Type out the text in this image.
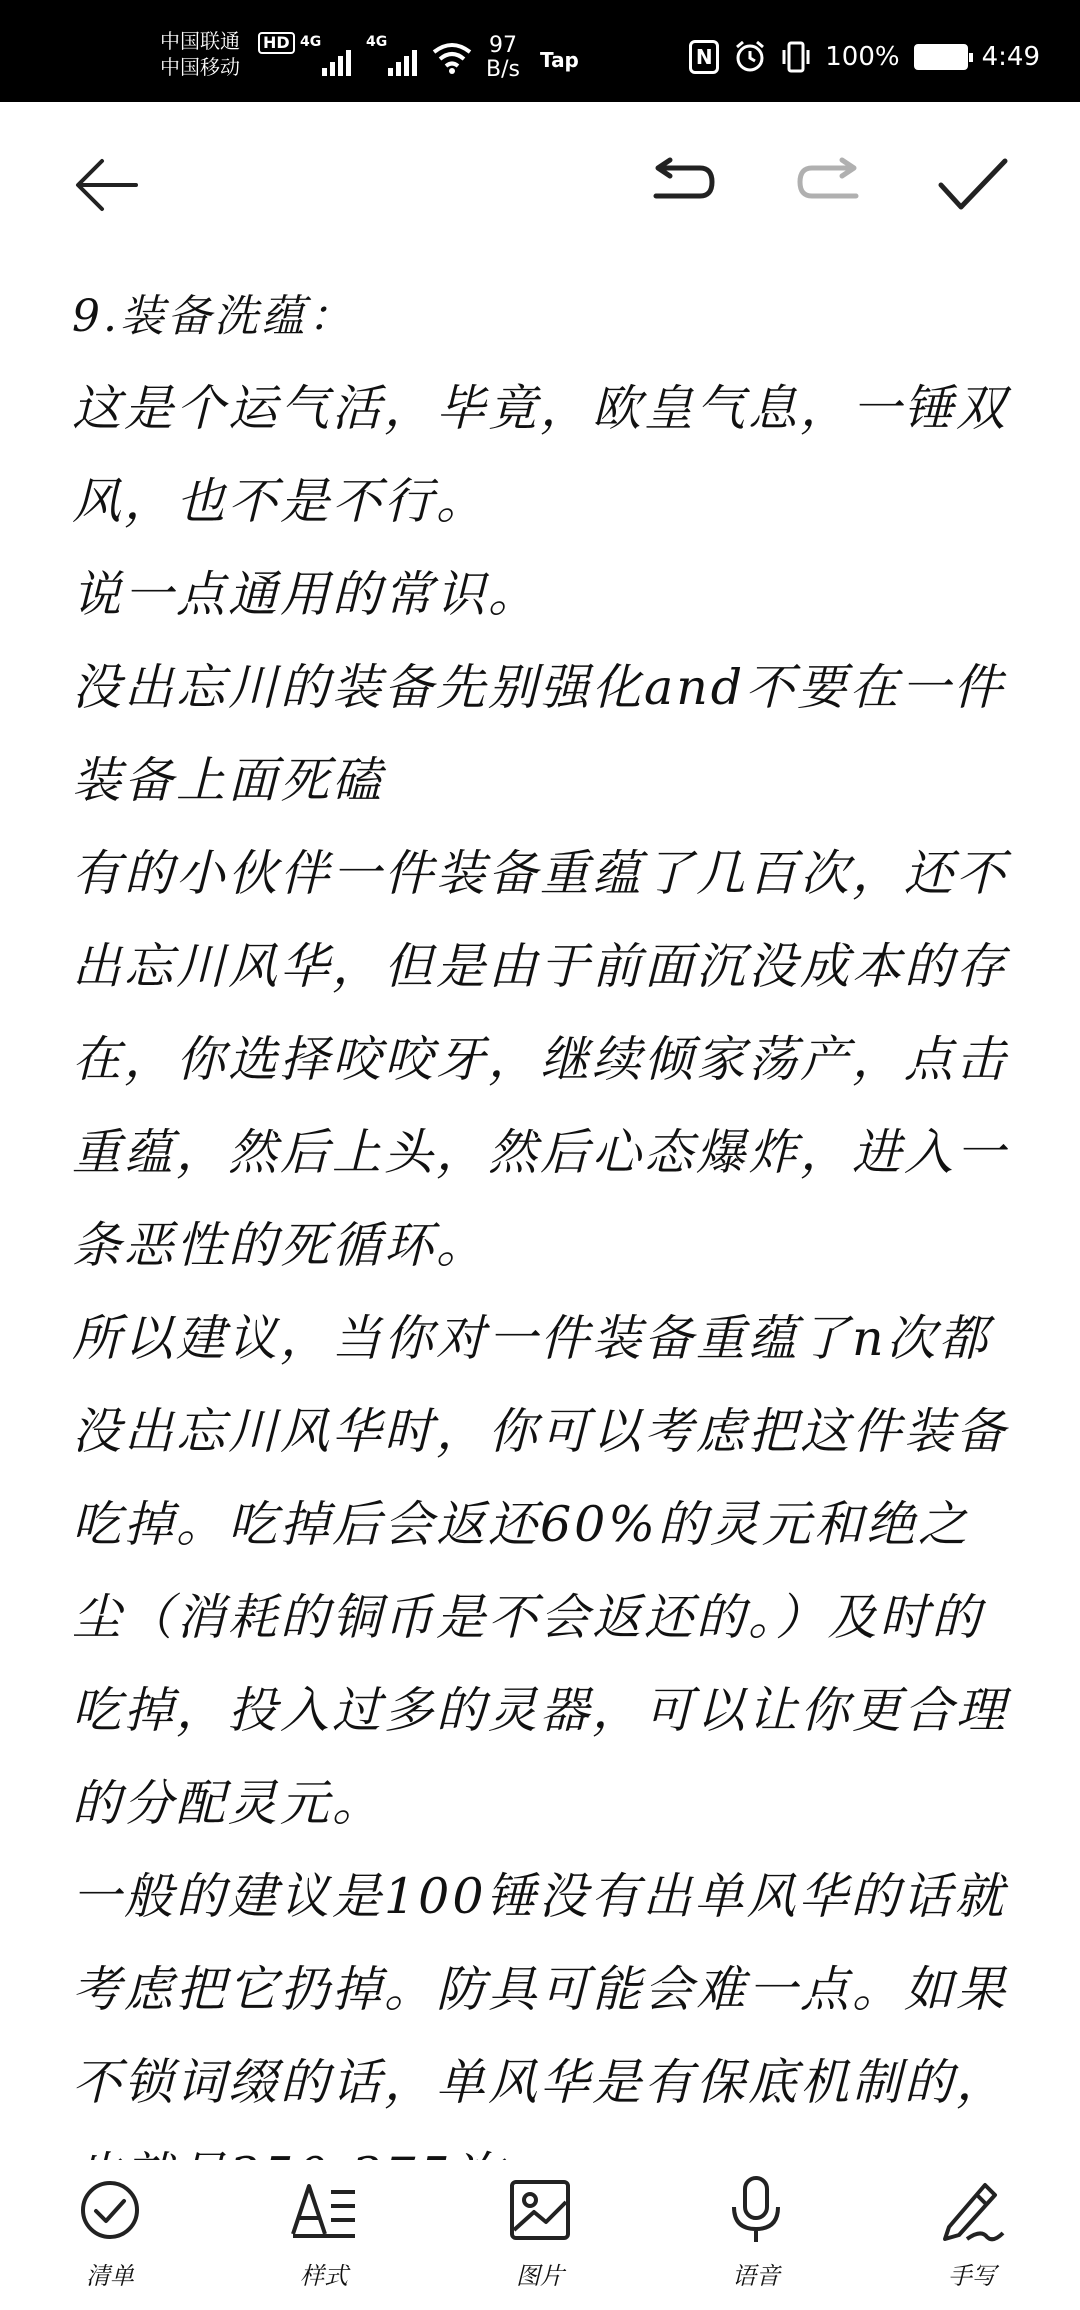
中国联通
中国移动
HD 4G	4G	97
B/s Tap	N	100%	4:49

9.装备洗蕴：

这是个运气活，毕竟，欧皇气息，一锤双风，也不是不行。

说一点通用的常识。

没出忘川的装备先别强化and不要在一件装备上面死磕

有的小伙伴一件装备重蕴了几百次，还不出忘川风华，但是由于前面沉没成本的存在，你选择咬咬牙，继续倾家荡产，点击重蕴，然后上头，然后心态爆炸，进入一条恶性的死循环。

所以建议，当你对一件装备重蕴了n次都没出忘川风华时，你可以考虑把这件装备吃掉。吃掉后会返还60%的灵元和绝之尘（消耗的铜币是不会返还的。）及时的吃掉，投入过多的灵器，可以让你更合理的分配灵元。

一般的建议是100锤没有出单风华的话就考虑把它扔掉。防具可能会难一点。如果不锁词缀的话，单风华是有保底机制的，

清单	样式	图片	语音	手写
